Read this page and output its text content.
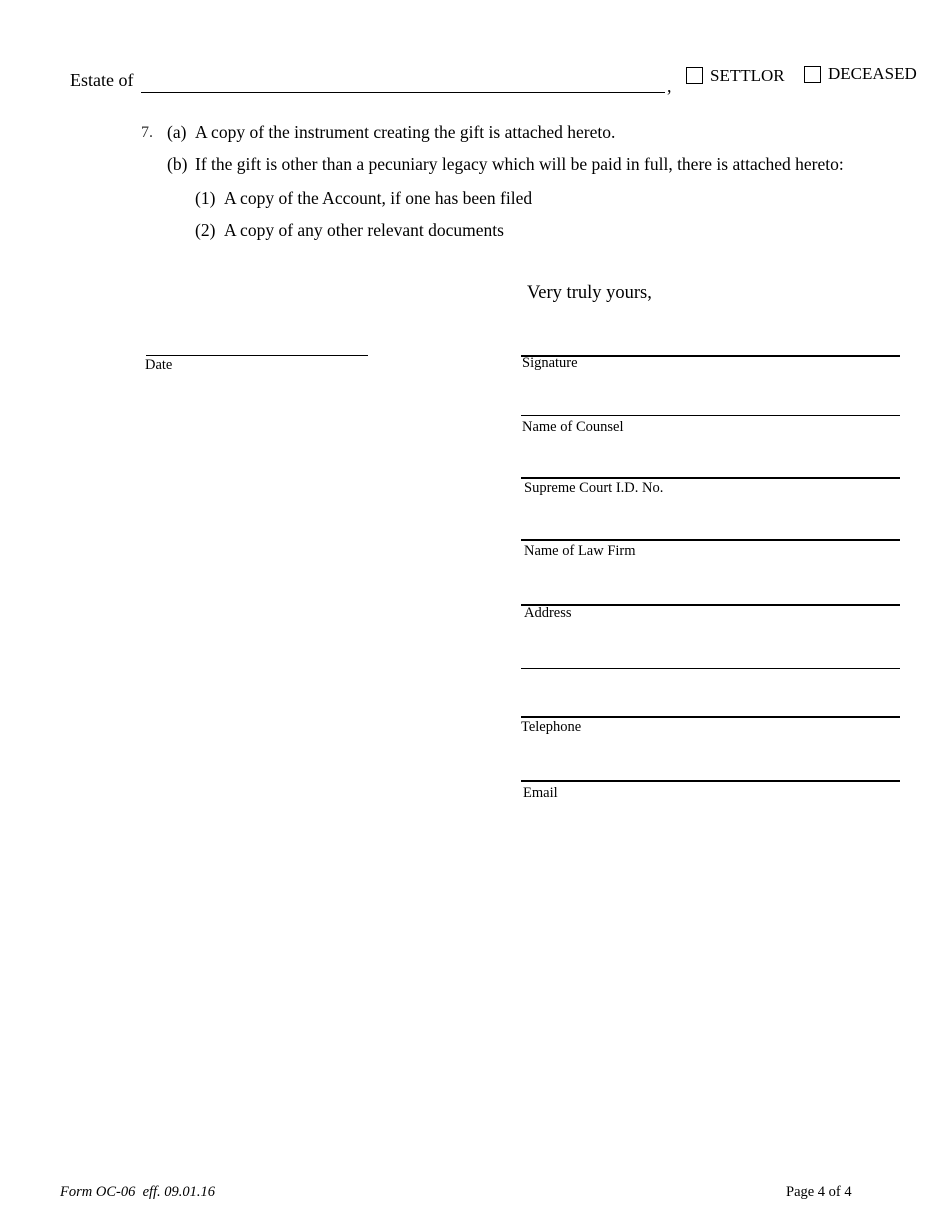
Estate of	,
SETTLOR	DECEASED
7. (a) A copy of the instrument creating the gift is attached hereto.
(b) If the gift is other than a pecuniary legacy which will be paid in full, there is attached hereto:
(1) A copy of the Account, if one has been filed
(2) A copy of any other relevant documents
Very truly yours,
Date	Signature
Name of Counsel
Supreme Court I.D. No.
Name of Law Firm
Address
Telephone
Email
Form OC-06  eff. 09.01.16	Page 4 of 4
